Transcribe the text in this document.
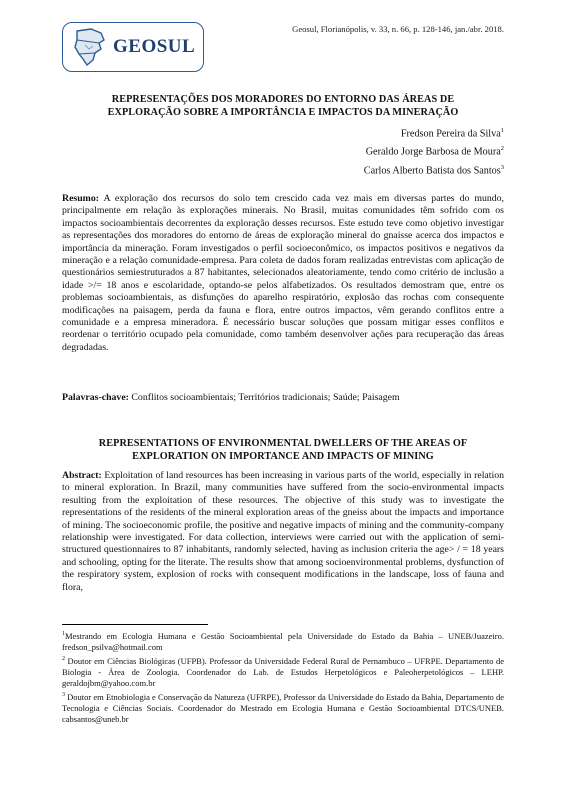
GEOSUL
Geosul, Florianópolis, v. 33, n. 66, p. 128-146, jan./abr. 2018.
REPRESENTAÇÕES DOS MORADORES DO ENTORNO DAS ÁREAS DE
EXPLORAÇÃO SOBRE A IMPORTÂNCIA E IMPACTOS DA MINERAÇÃO
Fredson Pereira da Silva$^1$
Geraldo Jorge Barbosa de Moura$^2$
Carlos Alberto Batista dos Santos$^3$
Resumo: A exploração dos recursos do solo tem crescido cada vez mais em diversas partes do mundo, principalmente em relação às explorações minerais. No Brasil, muitas comunidades têm sofrido com os impactos socioambientais decorrentes da exploração desses recursos. Este estudo teve como objetivo investigar as representações dos moradores do entorno de áreas de exploração mineral do gnaisse acerca dos impactos e importância da mineração. Foram investigados o perfil socioeconômico, os impactos positivos e negativos da mineração e a relação comunidade-empresa. Para coleta de dados foram realizadas entrevistas com aplicação de questionários semiestruturados a 87 habitantes, selecionados aleatoriamente, tendo como critério de inclusão a idade >/= 18 anos e escolaridade, optando-se pelos alfabetizados. Os resultados demostram que, entre os problemas socioambientais, as disfunções do aparelho respiratório, explosão das rochas com consequente modificações na paisagem, perda da fauna e flora, entre outros impactos, vêm gerando conflitos entre a comunidade e a empresa mineradora. É necessário buscar soluções que possam mitigar esses conflitos e reordenar o território ocupado pela comunidade, como também desenvolver ações para recuperação das áreas degradadas.
Palavras-chave: Conflitos socioambientais; Territórios tradicionais; Saúde; Paisagem
REPRESENTATIONS OF ENVIRONMENTAL DWELLERS OF THE AREAS OF
EXPLORATION ON IMPORTANCE AND IMPACTS OF MINING
Abstract: Exploitation of land resources has been increasing in various parts of the world, especially in relation to mineral exploration. In Brazil, many communities have suffered from the socio-environmental impacts resulting from the exploitation of these resources. The objective of this study was to investigate the representations of the residents of the mineral exploration areas of the gneiss about the impacts and importance of mining. The socioeconomic profile, the positive and negative impacts of mining and the community-company relationship were investigated. For data collection, interviews were carried out with the application of semi-structured questionnaires to 87 inhabitants, randomly selected, having as inclusion criteria the age> / = 18 years and schooling, opting for the literate. The results show that among socioenvironmental problems, dysfunction of the respiratory system, explosion of rocks with consequent modifications in the landscape, loss of fauna and flora,
$^1$Mestrando em Ecologia Humana e Gestão Socioambiental pela Universidade do Estado da Bahia – UNEB/Juazeiro. fredson_psilva@hotmail.com
$^2$ Doutor em Ciências Biológicas (UFPB). Professor da Universidade Federal Rural de Pernambuco – UFRPE. Departamento de Biologia - Área de Zoologia. Coordenador do Lab. de Estudos Herpetológicos e Paleoherpetológicos – LEHP. geraldojbm@yahoo.com.br
$^3$ Doutor em Etnobiologia e Conservação da Natureza (UFRPE), Professor da Universidade do Estado da Bahia, Departamento de Tecnologia e Ciências Sociais. Coordenador do Mestrado em Ecologia Humana e Gestão Socioambiental DTCS/UNEB. cabsantos@uneb.br
